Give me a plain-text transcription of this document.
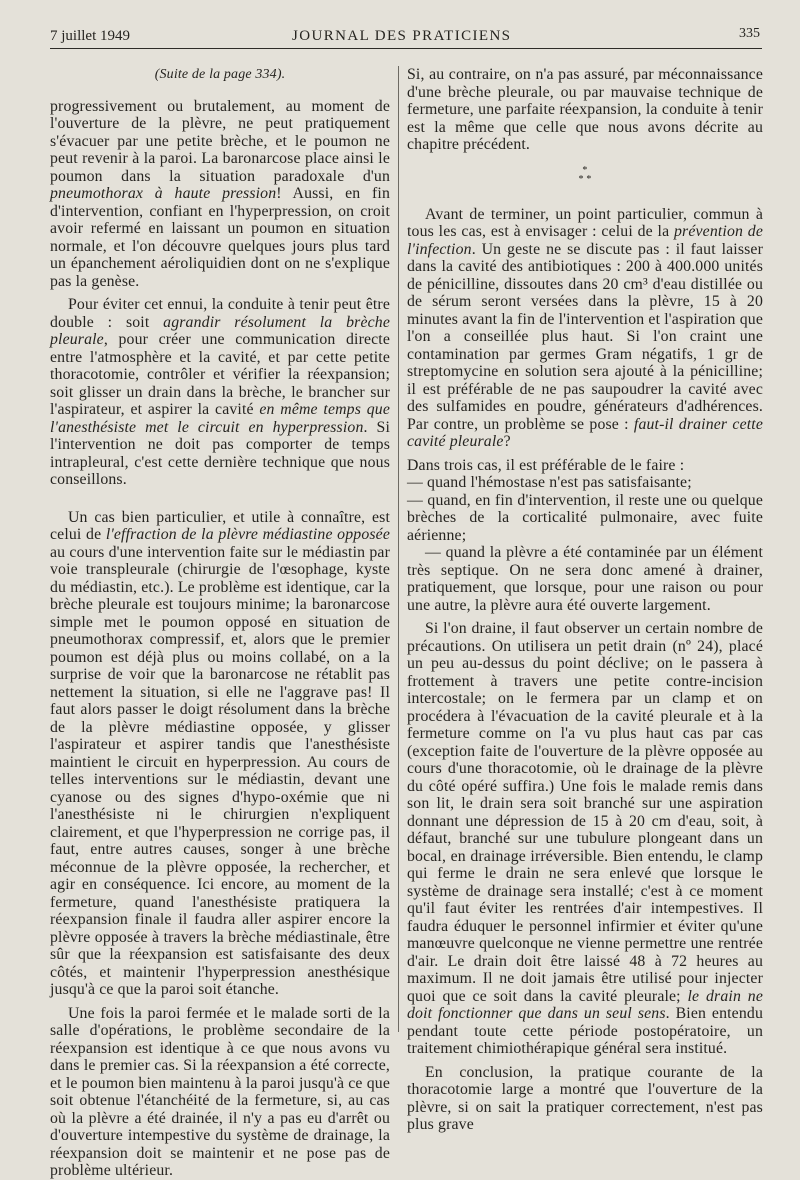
7 juillet 1949	JOURNAL DES PRATICIENS	335

(Suite de la page 334).

progressivement ou brutalement, au moment de l'ouverture de la plèvre, ne peut pratiquement s'évacuer par une petite brèche, et le poumon ne peut revenir à la paroi. La baronarcose place ainsi le poumon dans la situation paradoxale d'un pneumothorax à haute pression! Aussi, en fin d'intervention, confiant en l'hyperpression, on croit avoir refermé en laissant un poumon en situation normale, et l'on découvre quelques jours plus tard un épanchement aéroliquidien dont on ne s'explique pas la genèse.

Pour éviter cet ennui, la conduite à tenir peut être double : soit agrandir résolument la brèche pleurale, pour créer une communication directe entre l'atmosphère et la cavité, et par cette petite thoracotomie, contrôler et vérifier la réexpansion; soit glisser un drain dans la brèche, le brancher sur l'aspirateur, et aspirer la cavité en même temps que l'anesthésiste met le circuit en hyperpression. Si l'intervention ne doit pas comporter de temps intrapleural, c'est cette dernière technique que nous conseillons.

Un cas bien particulier, et utile à connaître, est celui de l'effraction de la plèvre médiastine opposée au cours d'une intervention faite sur le médiastin par voie transpleurale (chirurgie de l'œsophage, kyste du médiastin, etc.). Le problème est identique, car la brèche pleurale est toujours minime; la baronarcose simple met le poumon opposé en situation de pneumothorax compressif, et, alors que le premier poumon est déjà plus ou moins collabé, on a la surprise de voir que la baronarcose ne rétablit pas nettement la situation, si elle ne l'aggrave pas! Il faut alors passer le doigt résolument dans la brèche de la plèvre médiastine opposée, y glisser l'aspirateur et aspirer tandis que l'anesthésiste maintient le circuit en hyperpression. Au cours de telles interventions sur le médiastin, devant une cyanose ou des signes d'hypo-oxémie que ni l'anesthésiste ni le chirurgien n'expliquent clairement, et que l'hyperpression ne corrige pas, il faut, entre autres causes, songer à une brèche méconnue de la plèvre opposée, la rechercher, et agir en conséquence. Ici encore, au moment de la fermeture, quand l'anesthésiste pratiquera la réexpansion finale il faudra aller aspirer encore la plèvre opposée à travers la brèche médiastinale, être sûr que la réexpansion est satisfaisante des deux côtés, et maintenir l'hyperpression anesthésique jusqu'à ce que la paroi soit étanche.

Une fois la paroi fermée et le malade sorti de la salle d'opérations, le problème secondaire de la réexpansion est identique à ce que nous avons vu dans le premier cas. Si la réexpansion a été correcte, et le poumon bien maintenu à la paroi jusqu'à ce que soit obtenue l'étanchéité de la fermeture, si, au cas où la plèvre a été drainée, il n'y a pas eu d'arrêt ou d'ouverture intempestive du système de drainage, la réexpansion doit se maintenir et ne pose pas de problème ultérieur.

Si, au contraire, on n'a pas assuré, par méconnaissance d'une brèche pleurale, ou par mauvaise technique de fermeture, une parfaite réexpansion, la conduite à tenir est la même que celle que nous avons décrite au chapitre précédent.

*
* *

Avant de terminer, un point particulier, commun à tous les cas, est à envisager : celui de la prévention de l'infection. Un geste ne se discute pas : il faut laisser dans la cavité des antibiotiques : 200 à 400.000 unités de pénicilline, dissoutes dans 20 cm³ d'eau distillée ou de sérum seront versées dans la plèvre, 15 à 20 minutes avant la fin de l'intervention et l'aspiration que l'on a conseillée plus haut. Si l'on craint une contamination par germes Gram négatifs, 1 gr de streptomycine en solution sera ajouté à la pénicilline; il est préférable de ne pas saupoudrer la cavité avec des sulfamides en poudre, générateurs d'adhérences. Par contre, un problème se pose : faut-il drainer cette cavité pleurale?

Dans trois cas, il est préférable de le faire :

— quand l'hémostase n'est pas satisfaisante;

— quand, en fin d'intervention, il reste une ou quelque brèches de la corticalité pulmonaire, avec fuite aérienne;

— quand la plèvre a été contaminée par un élément très septique. On ne sera donc amené à drainer, pratiquement, que lorsque, pour une raison ou pour une autre, la plèvre aura été ouverte largement.

Si l'on draine, il faut observer un certain nombre de précautions. On utilisera un petit drain (nº 24), placé un peu au-dessus du point déclive; on le passera à frottement à travers une petite contre-incision intercostale; on le fermera par un clamp et on procédera à l'évacuation de la cavité pleurale et à la fermeture comme on l'a vu plus haut cas par cas (exception faite de l'ouverture de la plèvre opposée au cours d'une thoracotomie, où le drainage de la plèvre du côté opéré suffira.) Une fois le malade remis dans son lit, le drain sera soit branché sur une aspiration donnant une dépression de 15 à 20 cm d'eau, soit, à défaut, branché sur une tubulure plongeant dans un bocal, en drainage irréversible. Bien entendu, le clamp qui ferme le drain ne sera enlevé que lorsque le système de drainage sera installé; c'est à ce moment qu'il faut éviter les rentrées d'air intempestives. Il faudra éduquer le personnel infirmier et éviter qu'une manœuvre quelconque ne vienne permettre une rentrée d'air. Le drain doit être laissé 48 à 72 heures au maximum. Il ne doit jamais être utilisé pour injecter quoi que ce soit dans la cavité pleurale; le drain ne doit fonctionner que dans un seul sens. Bien entendu pendant toute cette période postopératoire, un traitement chimiothérapique général sera institué.

En conclusion, la pratique courante de la thoracotomie large a montré que l'ouverture de la plèvre, si on sait la pratiquer correctement, n'est pas plus grave
